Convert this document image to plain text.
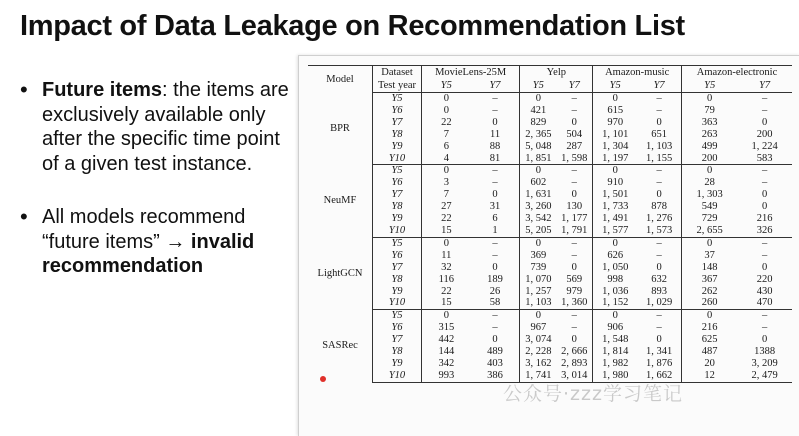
Impact of Data Leakage on Recommendation List
• Future items: the items are exclusively available only after the specific time point of a given test instance.
• All models recommend “future items” → invalid recommendation
Model	Dataset	MovieLens-25M		Yelp		Amazon-music		Amazon-electronic	
	Test year	Y5	Y7	Y5	Y7	Y5	Y7	Y5	Y7
BPR	Y5	0	–	0	–	0	–	0	–
	Y6	0	–	421	–	615	–	79	–
	Y7	22	0	829	0	970	0	363	0
	Y8	7	11	2, 365	504	1, 101	651	263	200
	Y9	6	88	5, 048	287	1, 304	1, 103	499	1, 224
	Y10	4	81	1, 851	1, 598	1, 197	1, 155	200	583
NeuMF	Y5	0	–	0	–	0	–	0	–
	Y6	3	–	602	–	910	–	28	–
	Y7	7	0	1, 631	0	1, 501	0	1, 303	0
	Y8	27	31	3, 260	130	1, 733	878	549	0
	Y9	22	6	3, 542	1, 177	1, 491	1, 276	729	216
	Y10	15	1	5, 205	1, 791	1, 577	1, 573	2, 655	326
LightGCN	Y5	0	–	0	–	0	–	0	–
	Y6	11	–	369	–	626	–	37	–
	Y7	32	0	739	0	1, 050	0	148	0
	Y8	116	189	1, 070	569	998	632	367	220
	Y9	22	26	1, 257	979	1, 036	893	262	430
	Y10	15	58	1, 103	1, 360	1, 152	1, 029	260	470
SASRec	Y5	0	–	0	–	0	–	0	–
	Y6	315	–	967	–	906	–	216	–
	Y7	442	0	3, 074	0	1, 548	0	625	0
	Y8	144	489	2, 228	2, 666	1, 814	1, 341	487	1388
	Y9	342	403	3, 162	2, 893	1, 982	1, 876	20	3, 209
	Y10	993	386	1, 741	3, 014	1, 980	1, 662	12	2, 479
公众号·zzz学习笔记
